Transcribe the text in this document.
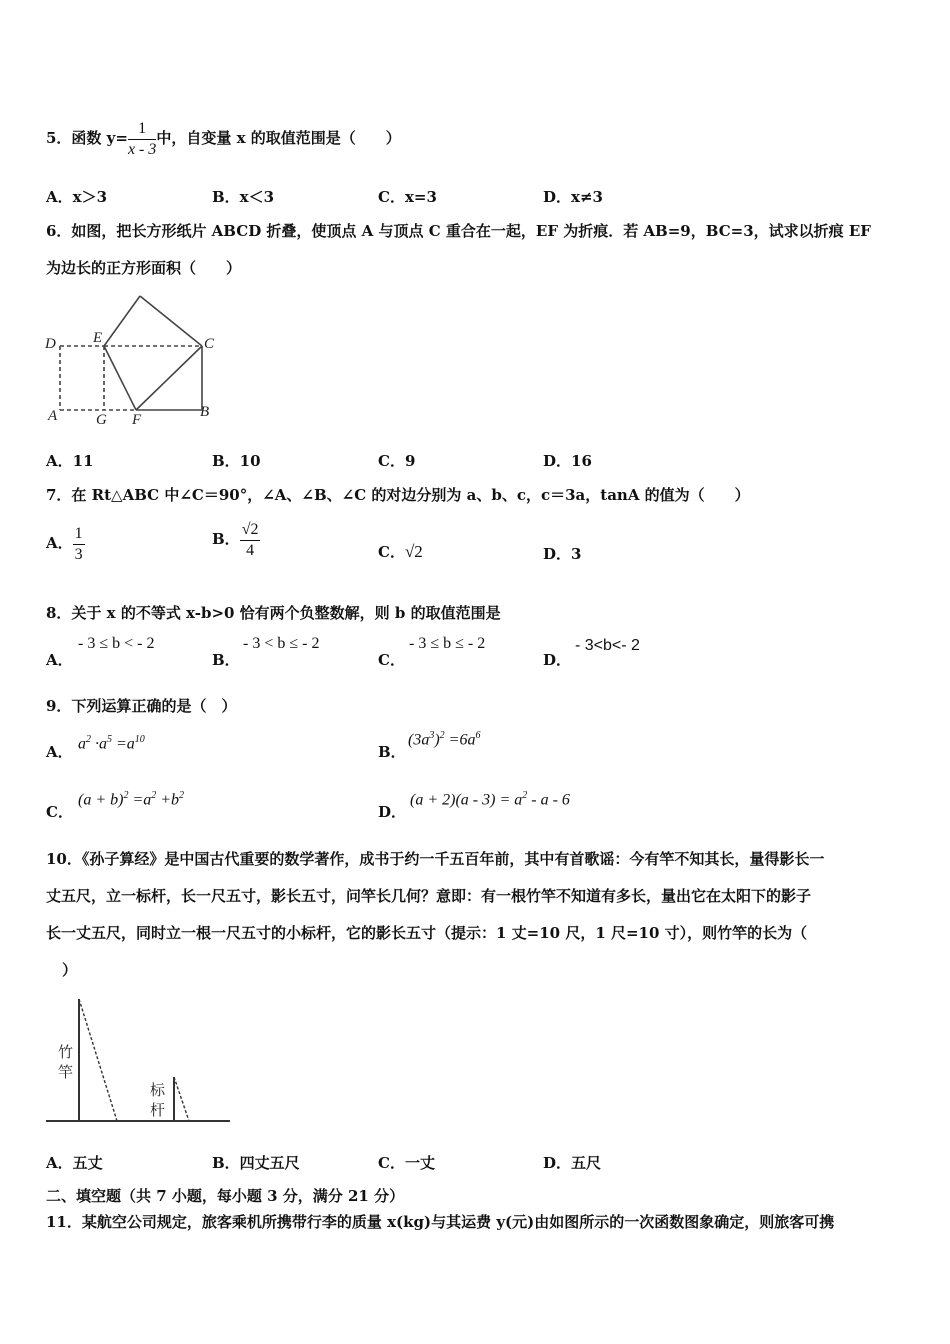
5．函数 $y= \frac{1}{x - 3}$ 中，自变量 x 的取值范围是（　　）
A．x＞3	B．x＜3	C．x=3	D．x≠3
6．如图，把长方形纸片 ABCD 折叠，使顶点 A 与顶点 C 重合在一起，EF 为折痕．若 AB=9，BC=3，试求以折痕 EF
为边长的正方形面积（　　）
D E	C
A	G F	B
A．11	B．10	C．9	D．16
7．在 Rt△ABC 中∠C＝90°，∠A、∠B、∠C 的对边分别为 a、b、c，c＝3a，tanA 的值为（　　）
A． $\frac{1}{3}$	B． $\frac{√2}{4}$	C．√2	D．3
8．关于 x 的不等式 x-b>0 恰有两个负整数解，则 b 的取值范围是
A．
- 3 ≤ b < - 2
B．
- 3 < b ≤ - 2
C．
- 3 ≤ b ≤ - 2
D．
- 3<b<- 2
9．下列运算正确的是（　）
A． $a^2 \cdot a^5 =a^{10}$
B．
$(3a^3)^2 =6a^6$
C．
$(a + b)^2 =a^2 +b^2$
D．
$(a + 2)(a - 3) = a^2 - a - 6$
10．《孙子算经》是中国古代重要的数学著作，成书于约一千五百年前，其中有首歌谣：今有竿不知其长，量得影长一
丈五尺，立一标杆，长一尺五寸，影长五寸，问竿长几何？意即：有一根竹竿不知道有多长，量出它在太阳下的影子
长一丈五尺，同时立一根一尺五寸的小标杆，它的影长五寸（提示：1 丈=10 尺，1 尺=10 寸），则竹竿的长为（
）
竹
竿
标
杆
A．五丈	B．四丈五尺	C．一丈	D．五尺
二、填空题（共 7 小题，每小题 3 分，满分 21 分）
11．某航空公司规定，旅客乘机所携带行李的质量 x(kg)与其运费 y(元)由如图所示的一次函数图象确定，则旅客可携
